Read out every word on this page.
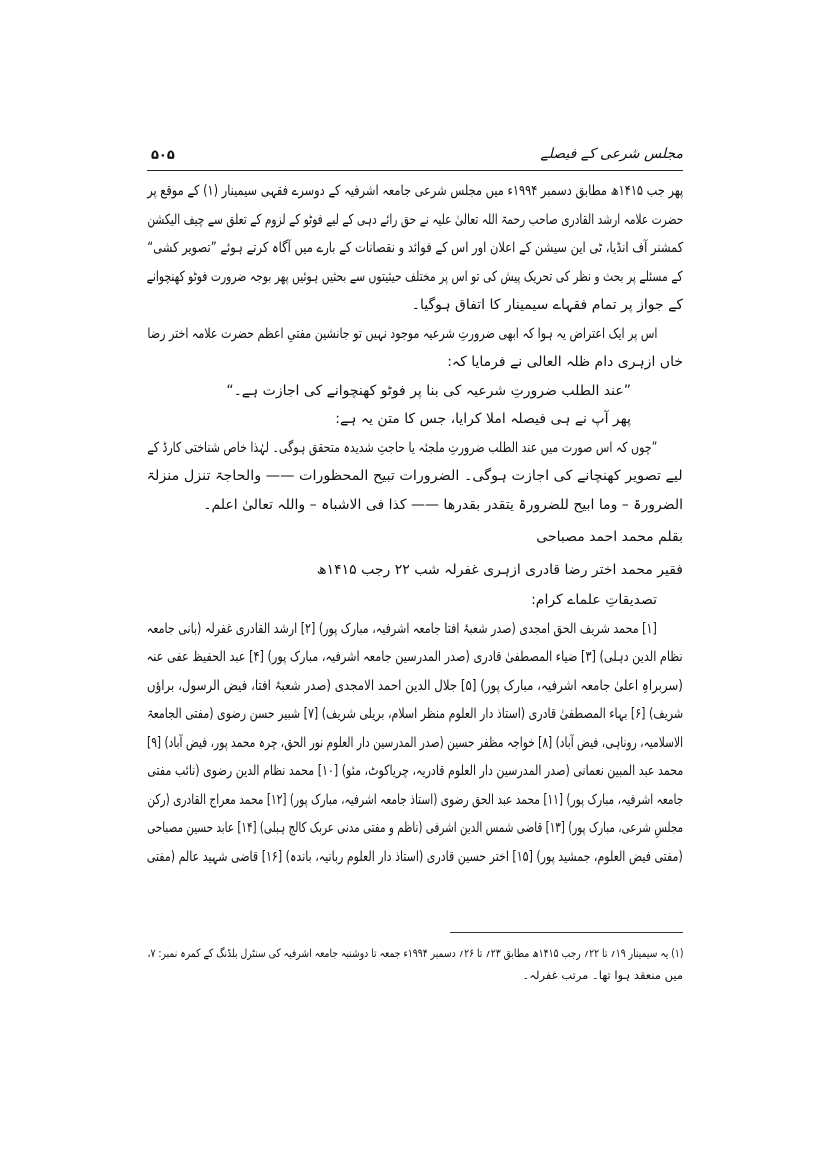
مجلس شرعی کے فیصلے
۵۰۵
پھر جب ۱۴۱۵ھ مطابق دسمبر ۱۹۹۴ء میں مجلس شرعی جامعہ اشرفیہ کے دوسرے فقہی سیمینار (۱) کے موقع پر
حضرت علامہ ارشد القادری صاحب رحمۃ اللہ تعالیٰ علیہ نے حق رائے دہی کے لیے فوٹو کے لزوم کے تعلق سے چیف الیکشن
کمشنر آف انڈیا، ٹی این سیشن کے اعلان اور اس کے فوائد و نقصانات کے بارے میں آگاہ کرتے ہوئے ”تصویر کشی“
کے مسئلے پر بحث و نظر کی تحریک پیش کی تو اس پر مختلف حیثیتوں سے بحثیں ہوئیں پھر بوجہ ضرورت فوٹو کھنچوانے
کے جواز پر تمام فقہاے سیمینار کا اتفاق ہوگیا۔
اس پر ایک اعتراض یہ ہوا کہ ابھی ضرورتِ شرعیہ موجود نہیں تو جانشین مفتیِ اعظم حضرت علامہ اختر رضا
خاں ازہری دام ظلہ العالی نے فرمایا کہ:
”عند الطلب ضرورتِ شرعیہ کی بنا پر فوٹو کھنچوانے کی اجازت ہے۔“
پھر آپ نے ہی فیصلہ املا کرایا، جس کا متن یہ ہے:
”چوں کہ اس صورت میں عند الطلب ضرورتِ ملجئہ یا حاجتِ شدیدہ متحقق ہوگی۔ لہٰذا خاص شناختی کارڈ کے
لیے تصویر کھنچانے کی اجازت ہوگی۔ الضرورات تبیح المحظورات —— والحاجۃ تنزل منزلۃ
الضرورۃ – وما ابیح للضرورۃ یتقدر بقدرھا —— کذا فی الاشباہ – واللہ تعالیٰ اعلم۔
بقلم محمد احمد مصباحی
فقیر محمد اختر رضا قادری ازہری غفرلہ شب ۲۲ رجب ۱۴۱۵ھ
تصدیقاتِ علماے کرام:
[۱] محمد شریف الحق امجدی (صدر شعبۂ افتا جامعہ اشرفیہ، مبارک پور) [۲] ارشد القادری غفرلہ (بانی جامعہ
نظام الدین دہلی) [۳] ضیاء المصطفیٰ قادری (صدر المدرسین جامعہ اشرفیہ، مبارک پور) [۴] عبد الحفیظ عفی عنہ
(سربراہِ اعلیٰ جامعہ اشرفیہ، مبارک پور) [۵] جلال الدین احمد الامجدی (صدر شعبۂ افتا، فیض الرسول، براؤں
شریف) [۶] بہاء المصطفیٰ قادری (استاذ دار العلوم منظر اسلام، بریلی شریف) [۷] شبیر حسن رضوی (مفتی الجامعۃ
الاسلامیہ، روناہی، فیض آباد) [۸] خواجہ مظفر حسین (صدر المدرسین دار العلوم نور الحق، چرہ محمد پور، فیض آباد) [۹]
محمد عبد المبین نعمانی (صدر المدرسین دار العلوم قادریہ، چریاکوٹ، مئو) [۱۰] محمد نظام الدین رضوی (نائب مفتی
جامعہ اشرفیہ، مبارک پور) [۱۱] محمد عبد الحق رضوی (استاذ جامعہ اشرفیہ، مبارک پور) [۱۲] محمد معراج القادری (رکن
مجلسِ شرعی، مبارک پور) [۱۳] قاضی شمس الدین اشرفی (ناظم و مفتی مدنی عربک کالج ہبلی) [۱۴] عابد حسین مصباحی
(مفتی فیض العلوم، جمشید پور) [۱۵] اختر حسین قادری (استاذ دار العلوم ربانیہ، باندہ) [۱۶] قاضی شہید عالم (مفتی
(۱) یہ سیمینار ۱۹؍ تا ۲۲؍ رجب ۱۴۱۵ھ مطابق ۲۳؍ تا ۲۶؍ دسمبر ۱۹۹۴ء جمعہ تا دوشنبہ جامعہ اشرفیہ کی سنٹرل بلڈنگ کے کمرہ نمبر: ۷،
میں منعقد ہوا تھا۔ مرتب غفرلہ۔
